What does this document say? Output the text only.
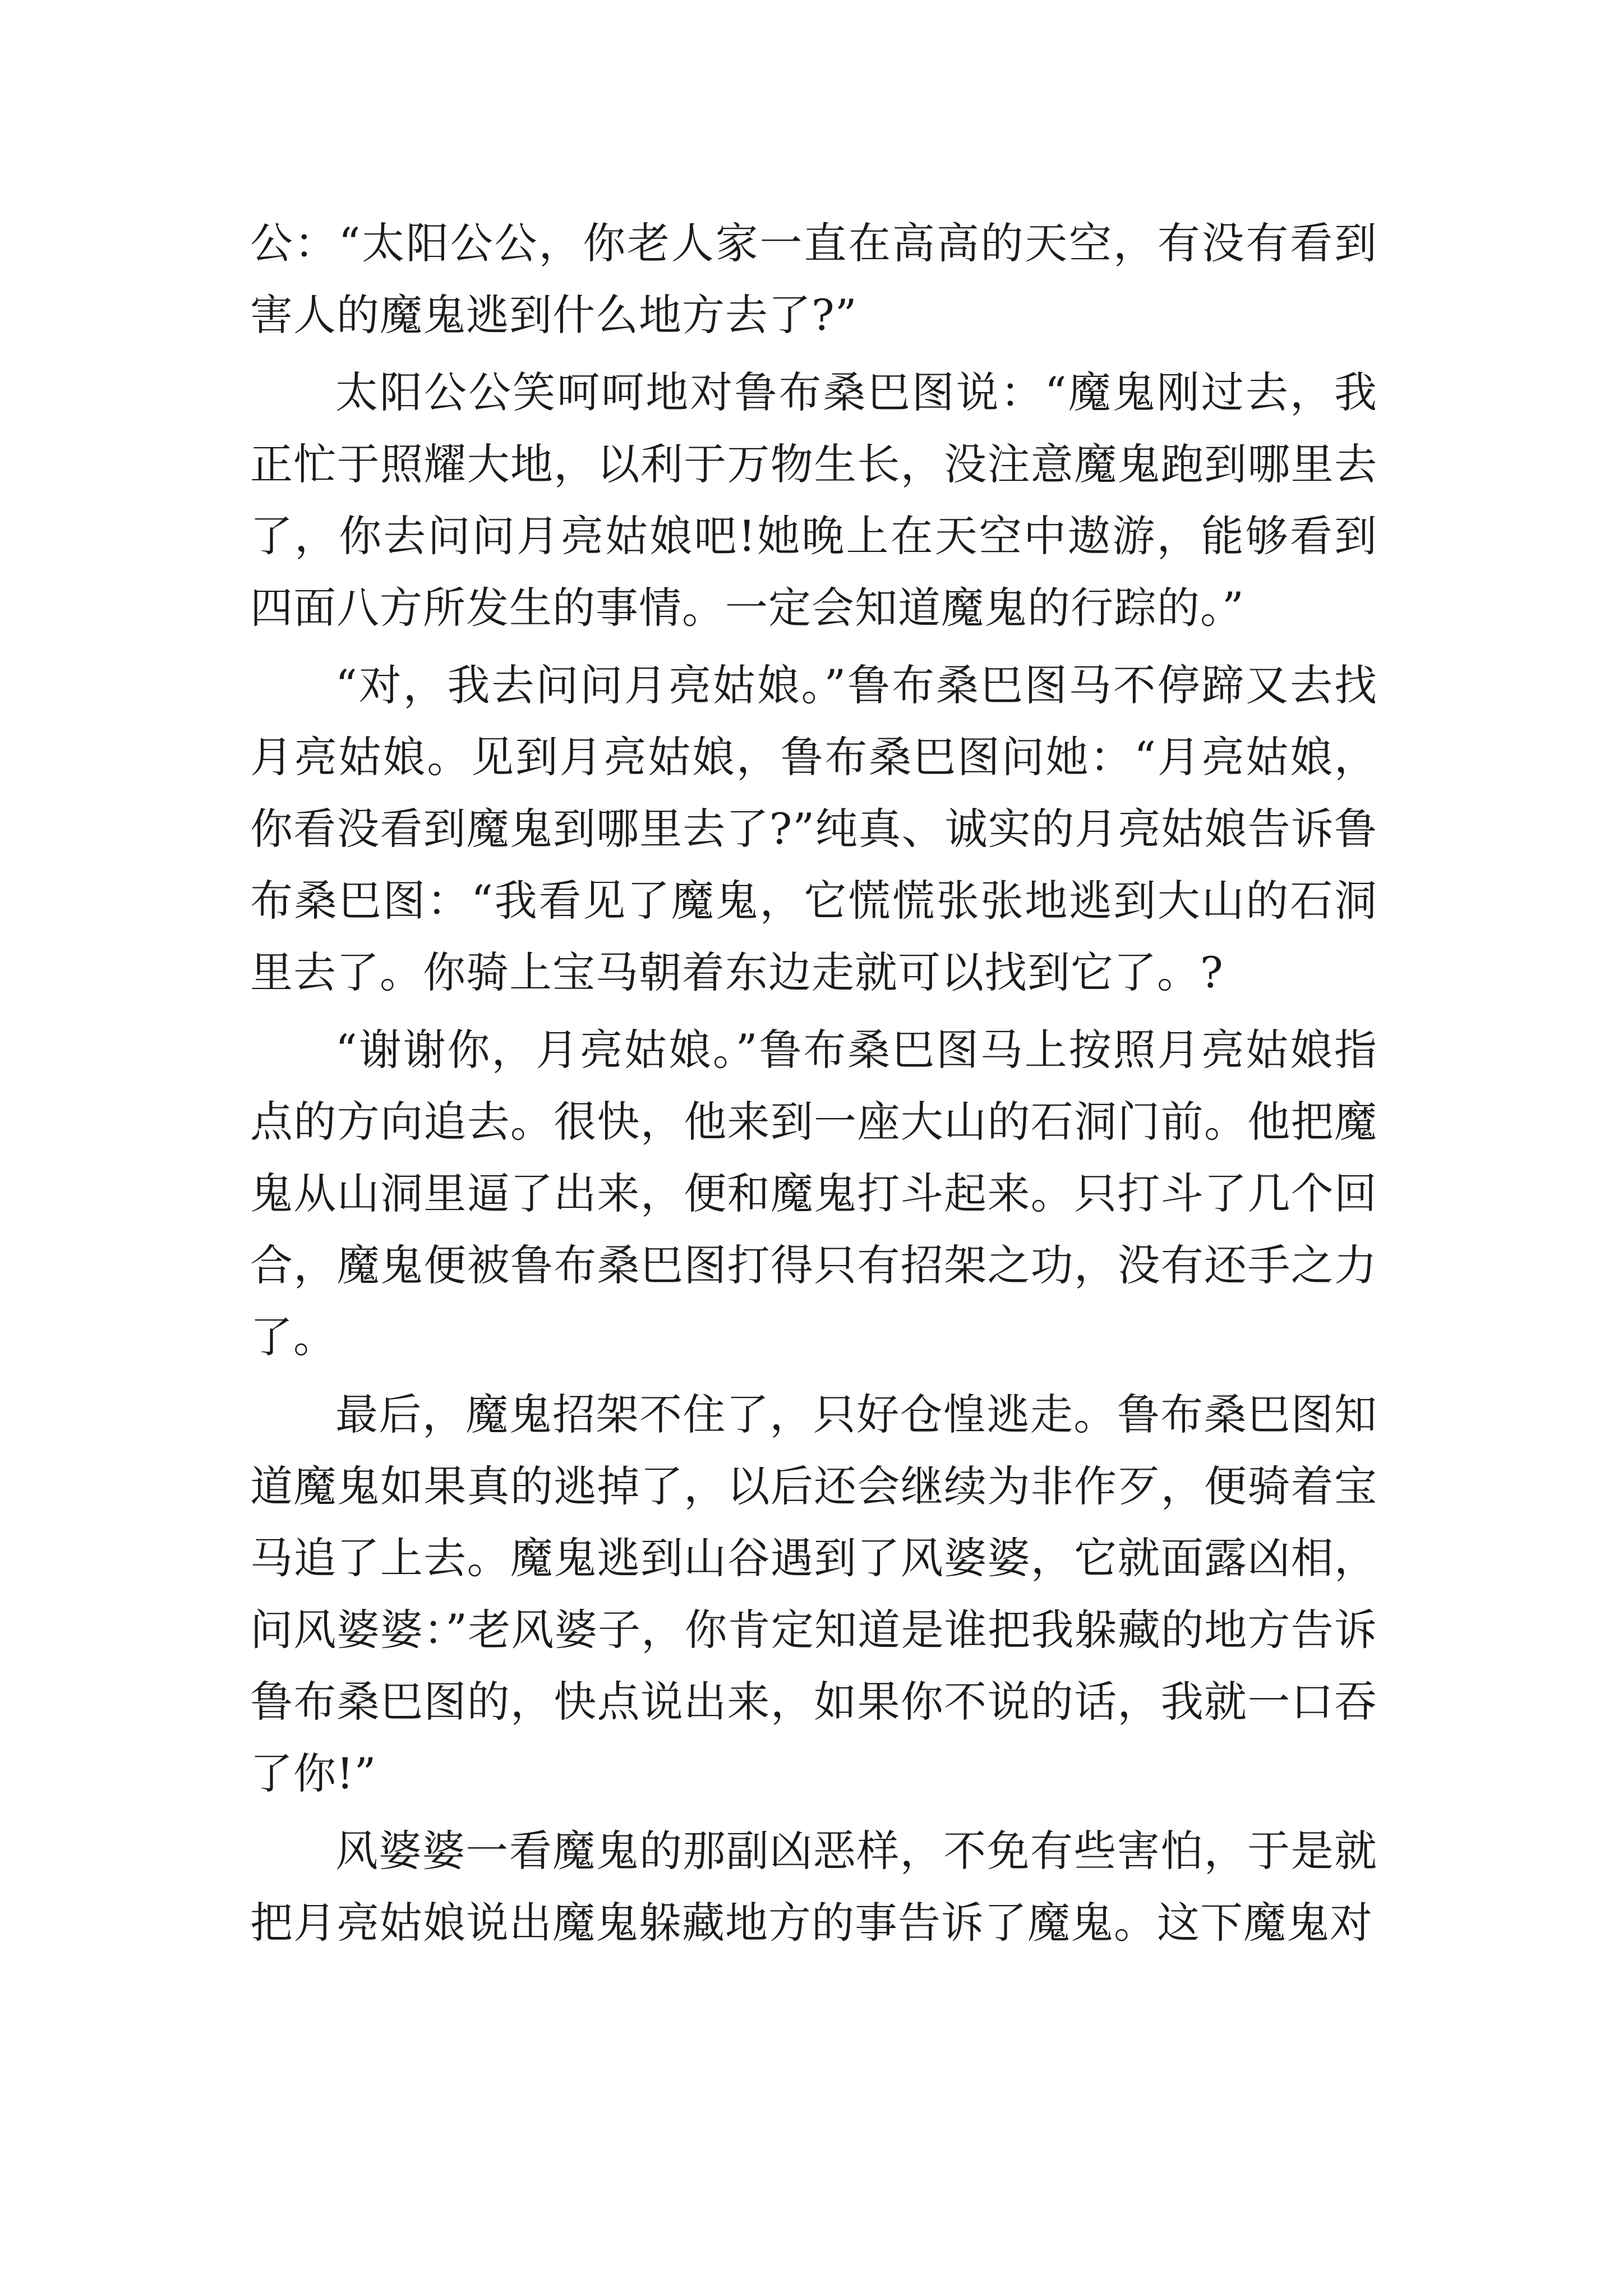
公：“太阳公公，你老人家一直在高高的天空，有没有看到害人的魔鬼逃到什么地方去了?”

太阳公公笑呵呵地对鲁布桑巴图说：“魔鬼刚过去，我正忙于照耀大地，以利于万物生长，没注意魔鬼跑到哪里去了，你去问问月亮姑娘吧!她晚上在天空中遨游，能够看到四面八方所发生的事情。一定会知道魔鬼的行踪的。”

“对，我去问问月亮姑娘。”鲁布桑巴图马不停蹄又去找月亮姑娘。见到月亮姑娘，鲁布桑巴图问她：“月亮姑娘，你看没看到魔鬼到哪里去了?”纯真、诚实的月亮姑娘告诉鲁布桑巴图：“我看见了魔鬼，它慌慌张张地逃到大山的石洞里去了。你骑上宝马朝着东边走就可以找到它了。?

“谢谢你，月亮姑娘。”鲁布桑巴图马上按照月亮姑娘指点的方向追去。很快，他来到一座大山的石洞门前。他把魔鬼从山洞里逼了出来，便和魔鬼打斗起来。只打斗了几个回合，魔鬼便被鲁布桑巴图打得只有招架之功，没有还手之力了。

最后，魔鬼招架不住了，只好仓惶逃走。鲁布桑巴图知道魔鬼如果真的逃掉了，以后还会继续为非作歹，便骑着宝马追了上去。魔鬼逃到山谷遇到了风婆婆，它就面露凶相，问风婆婆：”老风婆子，你肯定知道是谁把我躲藏的地方告诉鲁布桑巴图的，快点说出来，如果你不说的话，我就一口吞了你!”

风婆婆一看魔鬼的那副凶恶样，不免有些害怕，于是就把月亮姑娘说出魔鬼躲藏地方的事告诉了魔鬼。这下魔鬼对
